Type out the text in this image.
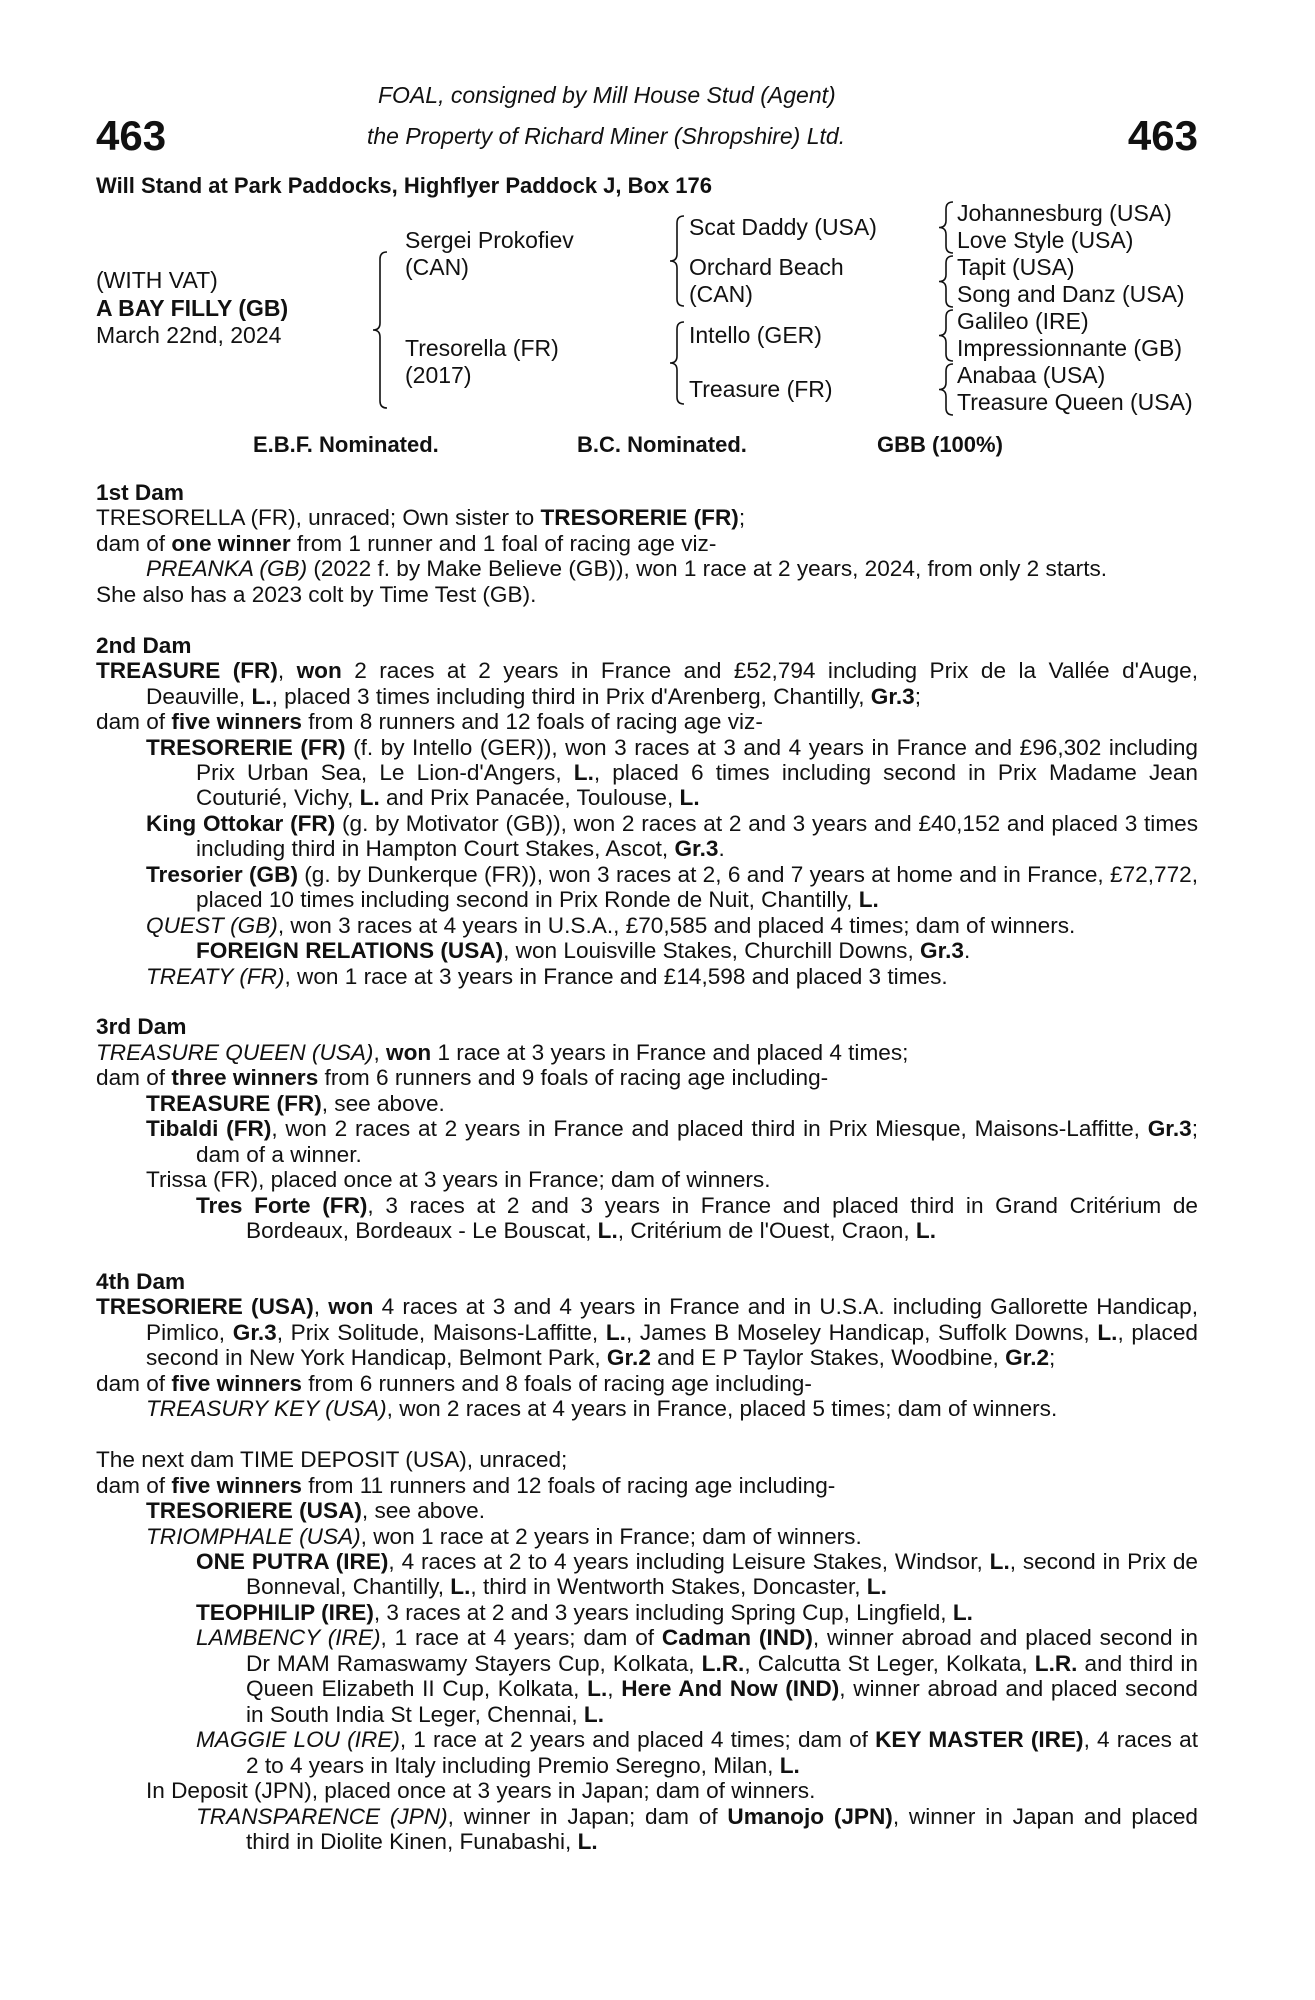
FOAL, consigned by Mill House Stud (Agent)
463	the Property of Richard Miner (Shropshire) Ltd.	463
Will Stand at Park Paddocks, Highflyer Paddock J, Box 176
(WITH VAT)
A BAY FILLY (GB)
March 22nd, 2024
Sergei Prokofiev
(CAN)
Tresorella (FR)
(2017)
Scat Daddy (USA)
Orchard Beach
(CAN)
Intello (GER)
Treasure (FR)
Johannesburg (USA)
Love Style (USA)
Tapit (USA)
Song and Danz (USA)
Galileo (IRE)
Impressionnante (GB)
Anabaa (USA)
Treasure Queen (USA)
E.B.F. Nominated.	B.C. Nominated.	GBB (100%)
1st Dam

TRESORELLA (FR), unraced; Own sister to TRESORERIE (FR);

dam of one winner from 1 runner and 1 foal of racing age viz-

PREANKA (GB) (2022 f. by Make Believe (GB)), won 1 race at 2 years, 2024, from only 2 starts.

She also has a 2023 colt by Time Test (GB).

2nd Dam

TREASURE (FR), won 2 races at 2 years in France and £52,794 including Prix de la Vallée d'Auge, Deauville, L., placed 3 times including third in Prix d'Arenberg, Chantilly, Gr.3;

dam of five winners from 8 runners and 12 foals of racing age viz-

TRESORERIE (FR) (f. by Intello (GER)), won 3 races at 3 and 4 years in France and £96,302 including Prix Urban Sea, Le Lion-d'Angers, L., placed 6 times including second in Prix Madame Jean Couturié, Vichy, L. and Prix Panacée, Toulouse, L.

King Ottokar (FR) (g. by Motivator (GB)), won 2 races at 2 and 3 years and £40,152 and placed 3 times including third in Hampton Court Stakes, Ascot, Gr.3.

Tresorier (GB) (g. by Dunkerque (FR)), won 3 races at 2, 6 and 7 years at home and in France, £72,772, placed 10 times including second in Prix Ronde de Nuit, Chantilly, L.

QUEST (GB), won 3 races at 4 years in U.S.A., £70,585 and placed 4 times; dam of winners.

FOREIGN RELATIONS (USA), won Louisville Stakes, Churchill Downs, Gr.3.

TREATY (FR), won 1 race at 3 years in France and £14,598 and placed 3 times.

3rd Dam

TREASURE QUEEN (USA), won 1 race at 3 years in France and placed 4 times;

dam of three winners from 6 runners and 9 foals of racing age including-

TREASURE (FR), see above.

Tibaldi (FR), won 2 races at 2 years in France and placed third in Prix Miesque, Maisons-Laffitte, Gr.3; dam of a winner.

Trissa (FR), placed once at 3 years in France; dam of winners.

Tres Forte (FR), 3 races at 2 and 3 years in France and placed third in Grand Critérium de Bordeaux, Bordeaux - Le Bouscat, L., Critérium de l'Ouest, Craon, L.

4th Dam

TRESORIERE (USA), won 4 races at 3 and 4 years in France and in U.S.A. including Gallorette Handicap, Pimlico, Gr.3, Prix Solitude, Maisons-Laffitte, L., James B Moseley Handicap, Suffolk Downs, L., placed second in New York Handicap, Belmont Park, Gr.2 and E P Taylor Stakes, Woodbine, Gr.2;

dam of five winners from 6 runners and 8 foals of racing age including-

TREASURY KEY (USA), won 2 races at 4 years in France, placed 5 times; dam of winners.

The next dam TIME DEPOSIT (USA), unraced;

dam of five winners from 11 runners and 12 foals of racing age including-

TRESORIERE (USA), see above.

TRIOMPHALE (USA), won 1 race at 2 years in France; dam of winners.

ONE PUTRA (IRE), 4 races at 2 to 4 years including Leisure Stakes, Windsor, L., second in Prix de Bonneval, Chantilly, L., third in Wentworth Stakes, Doncaster, L.

TEOPHILIP (IRE), 3 races at 2 and 3 years including Spring Cup, Lingfield, L.

LAMBENCY (IRE), 1 race at 4 years; dam of Cadman (IND), winner abroad and placed second in Dr MAM Ramaswamy Stayers Cup, Kolkata, L.R., Calcutta St Leger, Kolkata, L.R. and third in Queen Elizabeth II Cup, Kolkata, L., Here And Now (IND), winner abroad and placed second in South India St Leger, Chennai, L.

MAGGIE LOU (IRE), 1 race at 2 years and placed 4 times; dam of KEY MASTER (IRE), 4 races at 2 to 4 years in Italy including Premio Seregno, Milan, L.

In Deposit (JPN), placed once at 3 years in Japan; dam of winners.

TRANSPARENCE (JPN), winner in Japan; dam of Umanojo (JPN), winner in Japan and placed third in Diolite Kinen, Funabashi, L.
